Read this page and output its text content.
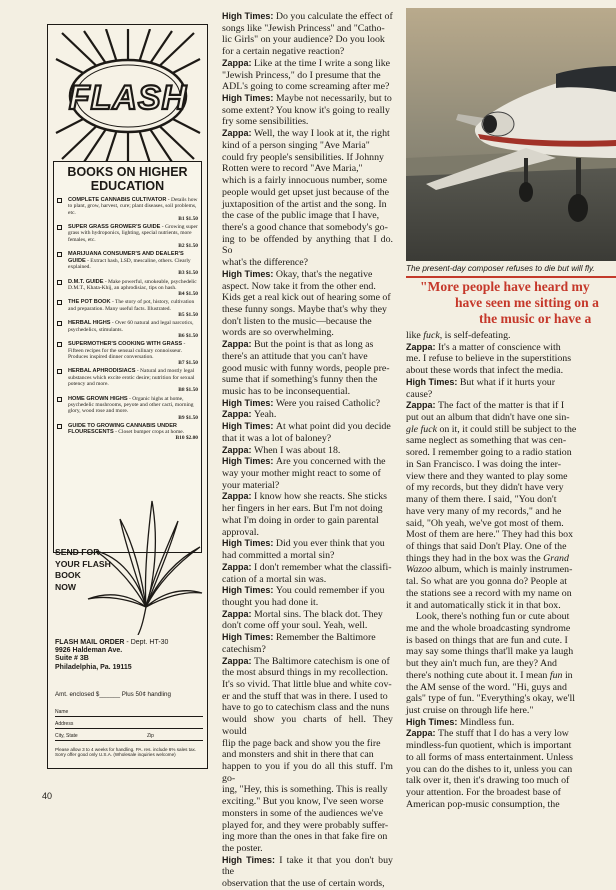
FLASH
BOOKS ON HIGHER EDUCATION
COMPLETE CANNABIS CULTIVATOR - Details how to plant, grow, harvest, cure; plant diseases, soil problems, etc.
B1 $1.50
SUPER GRASS GROWER'S GUIDE - Growing super grass with hydroponics, lighting, special nutrients, more females, etc.
B2 $1.50
MARIJUANA CONSUMER'S AND DEALER'S GUIDE - Extract hash, LSD, mescaline, others. Clearly explained.
B3 $1.50
D.M.T. GUIDE - Make powerful, smokeable, psychedelic D.M.T., Khata-Khij, an aphrodisiac, tips on hash.
B4 $1.50
THE POT BOOK - The story of pot, history, cultivation and preparation. Many useful facts. Illustrated.
B5 $1.50
HERBAL HIGHS - Over 60 natural and legal narcotics, psychedelics, stimulants.
B6 $1.50
SUPERMOTHER'S COOKING WITH GRASS - Fifteen recipes for the sensual culinary connoisseur. Produces inspired dinner conversation.
B7 $1.50
HERBAL APHRODISIACS - Natural and mostly legal substances which excite erotic desire; nutrition for sexual potency and more.
B8 $1.50
HOME GROWN HIGHS - Organic highs at home, psychedelic mushrooms, peyote and other cacti, morning glory, wood rose and more.
B9 $1.50
GUIDE TO GROWING CANNABIS UNDER FLOURESCENTS - Closet bumper crops at home.
B10 $2.00
SEND FOR
YOUR FLASH
BOOK
NOW
FLASH MAIL ORDER - Dept. HT-30
9926 Haldeman Ave.
Suite # 3B
Philadelphia, Pa. 19115
Amt. enclosed $______ Plus 50¢ handling
Name
Address
City, State	Zip
Please allow 3 to 4 weeks for handling. PA. res. include 6% sales tax. Sorry offer good only U.S.A. (Wholesale inquiries welcome)

High Times: Do you calculate the effect of

songs like "Jewish Princess" and "Catho-

lic Girls" on your audience? Do you look

for a certain negative reaction?

Zappa: Like at the time I write a song like

"Jewish Princess," do I presume that the

ADL's going to come screaming after me?

High Times: Maybe not necessarily, but to

some extent? You know it's going to really

fry some sensibilities.

Zappa: Well, the way I look at it, the right

kind of a person singing "Ave Maria"

could fry people's sensibilities. If Johnny

Rotten were to record "Ave Maria,"

which is a fairly innocuous number, some

people would get upset just because of the

juxtaposition of the artist and the song. In

the case of the public image that I have,

there's a good chance that somebody's go-

ing to be offended by anything that I do. So

what's the difference?

High Times: Okay, that's the negative

aspect. Now take it from the other end.

Kids get a real kick out of hearing some of

these funny songs. Maybe that's why they

don't listen to the music—because the

words are so overwhelming.

Zappa: But the point is that as long as

there's an attitude that you can't have

good music with funny words, people pre-

sume that if something's funny then the

music has to be inconsequential.

High Times: Were you raised Catholic?

Zappa: Yeah.

High Times: At what point did you decide

that it was a lot of baloney?

Zappa: When I was about 18.

High Times: Are you concerned with the

way your mother might react to some of

your material?

Zappa: I know how she reacts. She sticks

her fingers in her ears. But I'm not doing

what I'm doing in order to gain parental

approval.

High Times: Did you ever think that you

had committed a mortal sin?

Zappa: I don't remember what the classifi-

cation of a mortal sin was.

High Times: You could remember if you

thought you had done it.

Zappa: Mortal sins. The black dot. They

don't come off your soul. Yeah, well.

High Times: Remember the Baltimore

catechism?

Zappa: The Baltimore catechism is one of

the most absurd things in my recollection.

It's so vivid. That little blue and white cov-

er and the stuff that was in there. I used to

have to go to catechism class and the nuns

would show you charts of hell. They would

flip the page back and show you the fire

and monsters and shit in there that can

happen to you if you do all this stuff. I'm go-

ing, "Hey, this is something. This is really

exciting." But you know, I've seen worse

monsters in some of the audiences we've

played for, and they were probably suffer-

ing more than the ones in that fake fire on

the poster.

High Times: I take it that you don't buy the

observation that the use of certain words,

The present-day composer refuses to die but will fly.
"More people have heard my
have seen me sitting on a
the music or have a

like fuck, is self-defeating.

Zappa: It's a matter of conscience with

me. I refuse to believe in the superstitions

about these words that infect the media.

High Times: But what if it hurts your

cause?

Zappa: The fact of the matter is that if I

put out an album that didn't have one sin-

gle fuck on it, it could still be subject to the

same neglect as something that was cen-

sored. I remember going to a radio station

in San Francisco. I was doing the inter-

view there and they wanted to play some

of my records, but they didn't have very

many of them there. I said, "You don't

have very many of my records," and he

said, "Oh yeah, we've got most of them.

Most of them are here." They had this box

of things that said Don't Play. One of the

things they had in the box was the Grand

Wazoo album, which is mainly instrumen-

tal. So what are you gonna do? People at

the stations see a record with my name on

it and automatically stick it in that box.

Look, there's nothing fun or cute about

me and the whole broadcasting syndrome

is based on things that are fun and cute. I

may say some things that'll make ya laugh

but they ain't much fun, are they? And

there's nothing cute about it. I mean fun in

the AM sense of the word. "Hi, guys and

gals" type of fun. "Everything's okay, we'll

just cruise on through life here."

High Times: Mindless fun.

Zappa: The stuff that I do has a very low

mindless-fun quotient, which is important

to all forms of mass entertainment. Unless

you can do the dishes to it, unless you can

talk over it, then it's drawing too much of

your attention. For the broadest base of

American pop-music consumption, the

40
